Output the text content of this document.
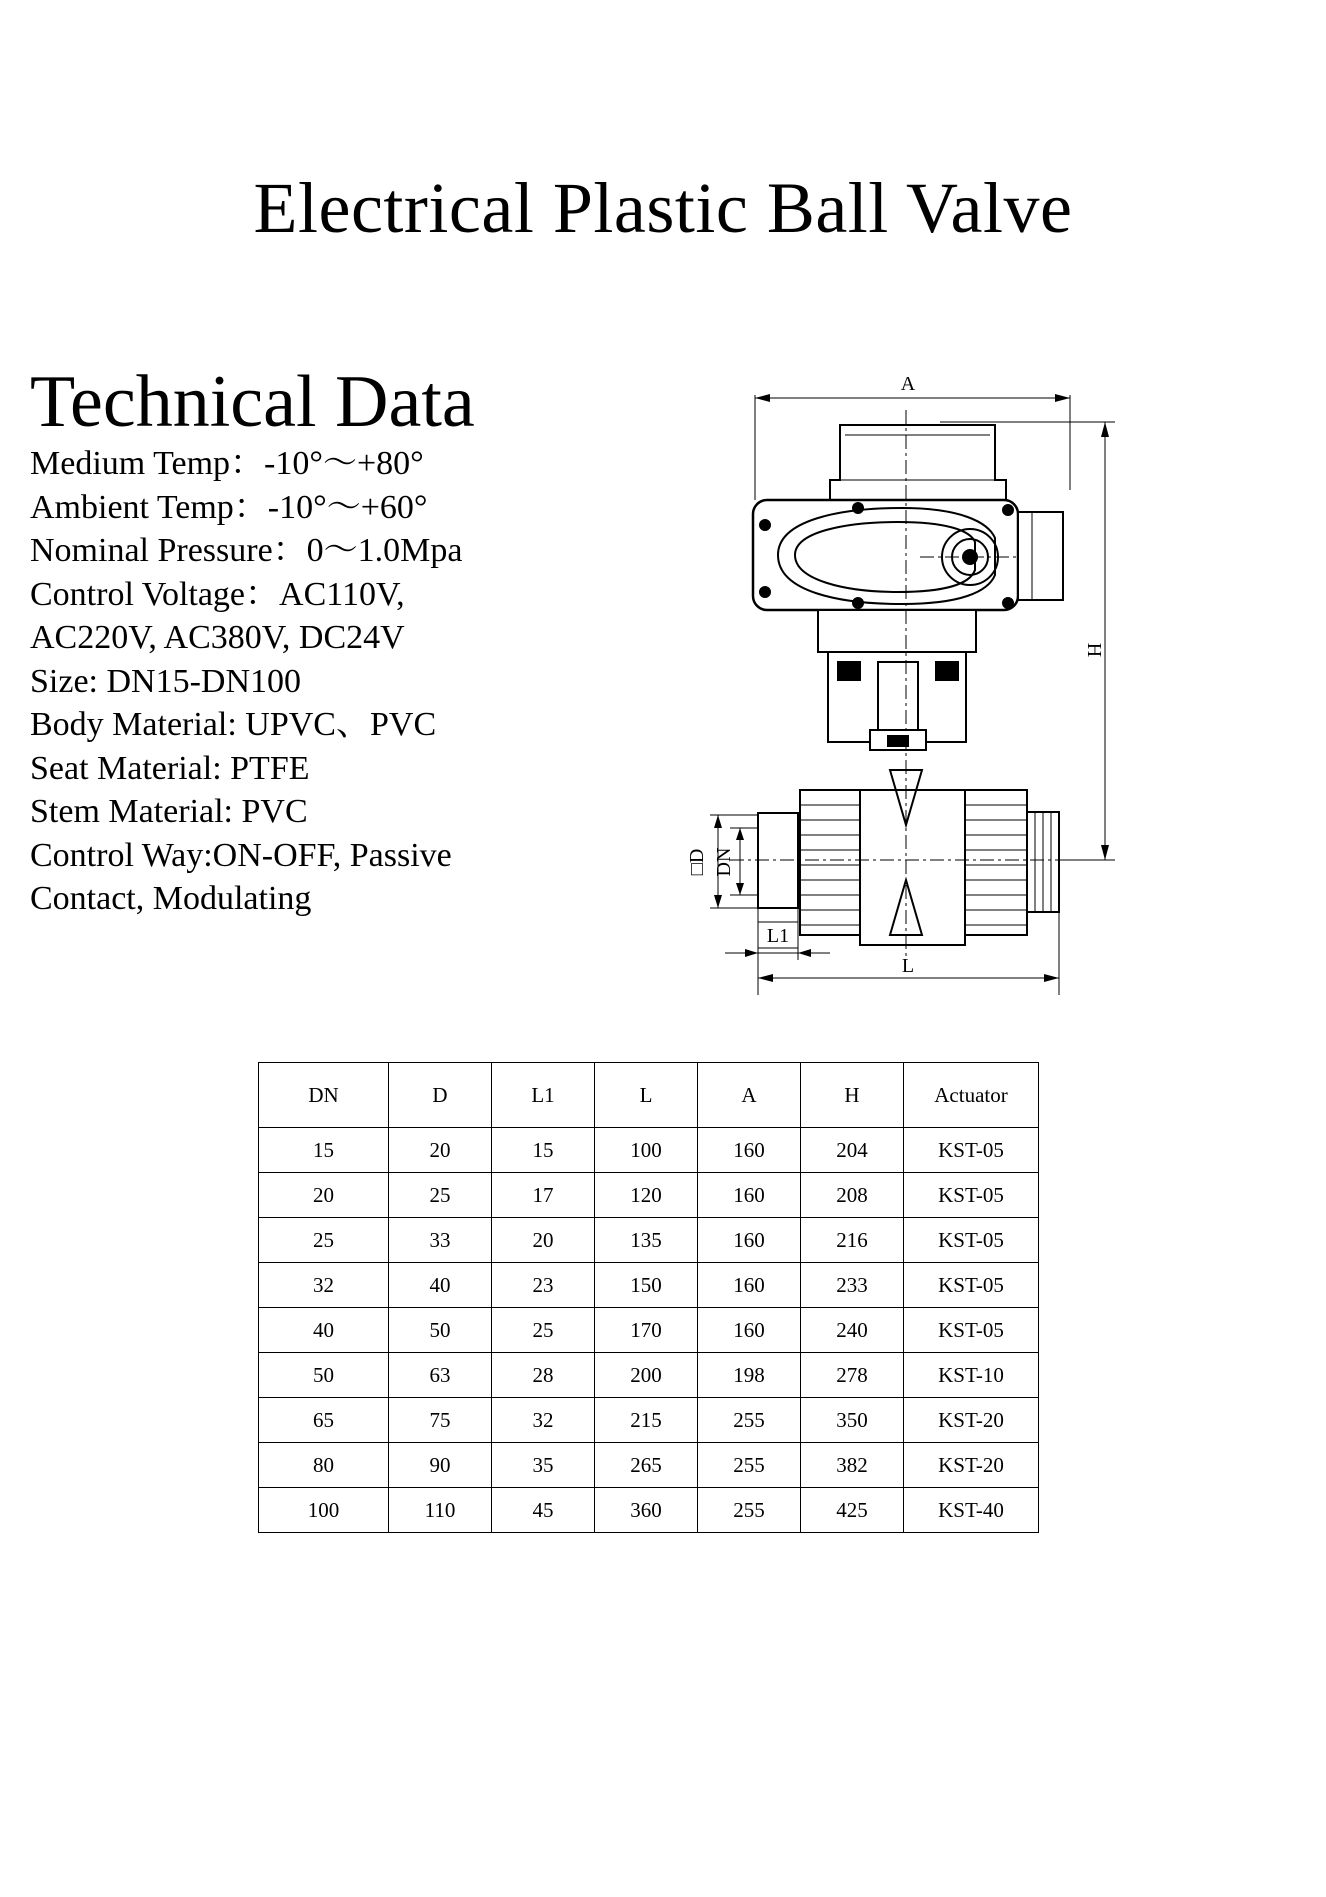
Electrical Plastic Ball Valve
Technical Data
Medium Temp：-10°～+80°
Ambient Temp：-10°～+60°
Nominal Pressure：0～1.0Mpa
Control Voltage：AC110V,
AC220V, AC380V, DC24V
Size: DN15-DN100
Body Material: UPVC、PVC
Seat Material: PTFE
Stem Material: PVC
Control Way:ON-OFF, Passive
Contact, Modulating
A
H
□D DN
L1
L
DN	D	L1	L	A	H	Actuator
15	20	15	100	160	204	KST-05
20	25	17	120	160	208	KST-05
25	33	20	135	160	216	KST-05
32	40	23	150	160	233	KST-05
40	50	25	170	160	240	KST-05
50	63	28	200	198	278	KST-10
65	75	32	215	255	350	KST-20
80	90	35	265	255	382	KST-20
100	110	45	360	255	425	KST-40
